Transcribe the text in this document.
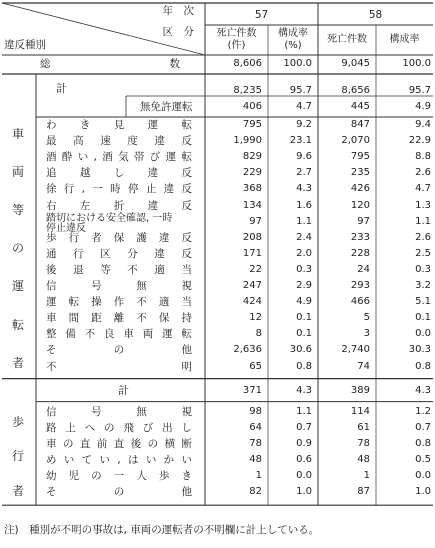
年　次
区　分
違反種別
57	58
死亡件数
(件)
構成率
(%)
死亡件数	構成率
総	数	8,606	100.0	9,045	100.0
計	8,235	95.7	8,656	95.7
無免許運転	406	4.7	445	4.9
わ き 見 運 転	795	9.2	847	9.4
最 高 速 度 違 反	1,990	23.1	2,070	22.9
酒 酔 い , 酒 気 帯 び 運 転	829	9.6	795	8.8
追 越 し 違 反	229	2.7	235	2.6
徐 行 , 一 時 停 止 違 反	368	4.3	426	4.7
右 左 折 違 反	134	1.6	120	1.3
踏切における安全確認, 一時
停止違反
97	1.1	97	1.1
歩 行 者 保 護 違 反	208	2.4	233	2.6
通 行 区 分 違 反	171	2.0	228	2.5
後 退 等 不 適 当	22	0.3	24	0.3
信	号	無	視	247	2.9	293	3.2
運 転 操 作 不 適 当	424	4.9	466	5.1
車 間 距 離 不 保 持	12	0.1	5	0.1
整 備 不 良 車 両 運 転	8	0.1	3	0.0
そ	の	他	2,636	30.6	2,740	30.3
不	明	65	0.8	74	0.8
車
両
等
の
運
転
者
計	371	4.3	389	4.3
信	号	無	視	98	1.1	114	1.2
路 上 へ の 飛 び 出 し	64	0.7	61	0.7
車 の 直 前 直 後 の 横 断	78	0.9	78	0.8
め い て い , は い か い	48	0.6	48	0.5
幼 児 の 一 人 歩 き	1	0.0	1	0.0
そ	の	他	82	1.0	87	1.0
歩
行
者
注)　種別が不明の事故は, 車両の運転者の不明欄に計上している。
